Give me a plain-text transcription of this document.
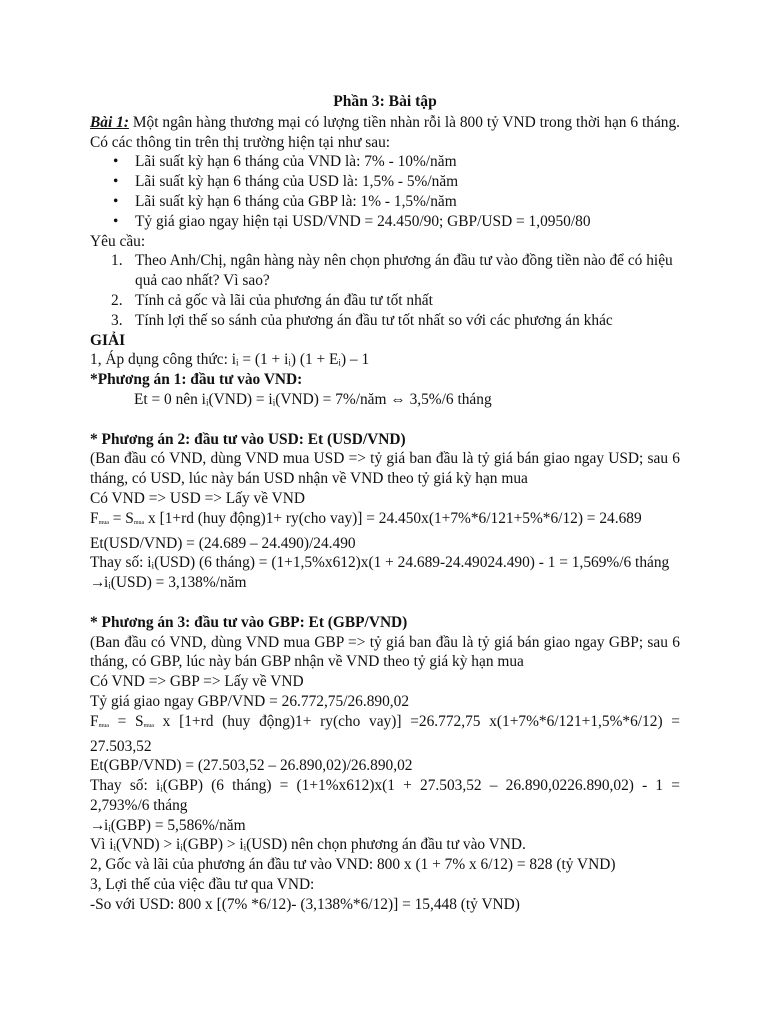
Phần 3: Bài tập

Bài 1: Một ngân hàng thương mại có lượng tiền nhàn rỗi là 800 tỷ VND trong thời hạn 6 tháng. Có các thông tin trên thị trường hiện tại như sau:

• Lãi suất kỳ hạn 6 tháng của VND là: 7% - 10%/năm
• Lãi suất kỳ hạn 6 tháng của USD là: 1,5% - 5%/năm
• Lãi suất kỳ hạn 6 tháng của GBP là: 1% - 1,5%/năm
• Tỷ giá giao ngay hiện tại USD/VND = 24.450/90; GBP/USD = 1,0950/80

Yêu cầu:

1. Theo Anh/Chị, ngân hàng này nên chọn phương án đầu tư vào đồng tiền nào để có hiệu quả cao nhất? Vì sao?
2. Tính cả gốc và lãi của phương án đầu tư tốt nhất
3. Tính lợi thế so sánh của phương án đầu tư tốt nhất so với các phương án khác

GIẢI

1, Áp dụng công thức: iᵢ = (1 + iᵢ) (1 + Eᵢ) – 1

*Phương án 1: đầu tư vào VND:

Et = 0 nên iᵢ(VND) = iᵢ(VND) = 7%/năm ⇔ 3,5%/6 tháng

* Phương án 2: đầu tư vào USD: Et (USD/VND)

(Ban đầu có VND, dùng VND mua USD => tỷ giá ban đầu là tỷ giá bán giao ngay USD; sau 6 tháng, có USD, lúc này bán USD nhận về VND theo tỷ giá kỳ hạn mua

Có VND => USD => Lấy về VND

$F_{mua} = S_{mua}$ x [1+rd (huy động)1+ ry(cho vay)] = 24.450x(1+7%*6/121+5%*6/12) = 24.689

Et(USD/VND) = (24.689 – 24.490)/24.490

Thay số: iᵢ(USD) (6 tháng) = (1+1,5%x612)x(1 + 24.689-24.49024.490) - 1 = 1,569%/6 tháng

→iᵢ(USD) = 3,138%/năm

* Phương án 3: đầu tư vào GBP: Et (GBP/VND)

(Ban đầu có VND, dùng VND mua GBP => tỷ giá ban đầu là tỷ giá bán giao ngay GBP; sau 6 tháng, có GBP, lúc này bán GBP nhận về VND theo tỷ giá kỳ hạn mua

Có VND => GBP => Lấy về VND

Tỷ giá giao ngay GBP/VND = 26.772,75/26.890,02

$F_{mua} = S_{mua}$ x [1+rd (huy động)1+ ry(cho vay)] =26.772,75 x(1+7%*6/121+1,5%*6/12) = 27.503,52

Et(GBP/VND) = (27.503,52 – 26.890,02)/26.890,02

Thay số: iᵢ(GBP) (6 tháng) = (1+1%x612)x(1 + 27.503,52 – 26.890,0226.890,02) - 1 = 2,793%/6 tháng

→iᵢ(GBP) = 5,586%/năm

Vì iᵢ(VND) > iᵢ(GBP) > iᵢ(USD) nên chọn phương án đầu tư vào VND.

2, Gốc và lãi của phương án đầu tư vào VND: 800 x (1 + 7% x 6/12) = 828 (tỷ VND)

3, Lợi thế của việc đầu tư qua VND:

-So với USD: 800 x [(7% *6/12)- (3,138%*6/12)] = 15,448 (tỷ VND)
